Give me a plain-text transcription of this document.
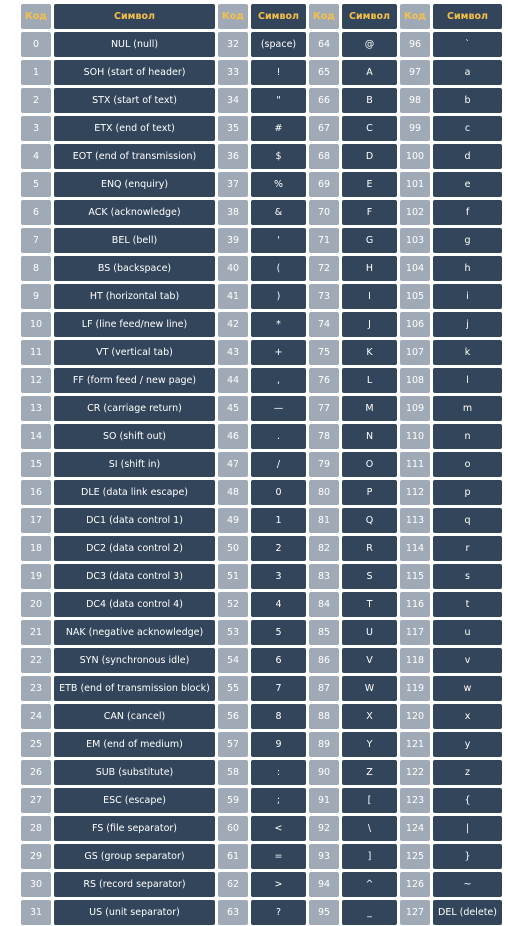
Код	Символ	Код	Символ	Код	Символ	Код	Символ
0	NUL (null)	32	(space)	64	@	96	`
1	SOH (start of header)	33	!	65	A	97	a
2	STX (start of text)	34	"	66	B	98	b
3	ETX (end of text)	35	#	67	C	99	c
4	EOT (end of transmission)	36	$	68	D	100	d
5	ENQ (enquiry)	37	%	69	E	101	e
6	ACK (acknowledge)	38	&	70	F	102	f
7	BEL (bell)	39	'	71	G	103	g
8	BS (backspace)	40	(	72	H	104	h
9	HT (horizontal tab)	41	)	73	I	105	i
10	LF (line feed/new line)	42	*	74	J	106	j
11	VT (vertical tab)	43	+	75	K	107	k
12	FF (form feed / new page)	44	,	76	L	108	l
13	CR (carriage return)	45	—	77	M	109	m
14	SO (shift out)	46	.	78	N	110	n
15	SI (shift in)	47	/	79	O	111	o
16	DLE (data link escape)	48	0	80	P	112	p
17	DC1 (data control 1)	49	1	81	Q	113	q
18	DC2 (data control 2)	50	2	82	R	114	r
19	DC3 (data control 3)	51	3	83	S	115	s
20	DC4 (data control 4)	52	4	84	T	116	t
21	NAK (negative acknowledge)	53	5	85	U	117	u
22	SYN (synchronous idle)	54	6	86	V	118	v
23	ETB (end of transmission block)	55	7	87	W	119	w
24	CAN (cancel)	56	8	88	X	120	x
25	EM (end of medium)	57	9	89	Y	121	y
26	SUB (substitute)	58	:	90	Z	122	z
27	ESC (escape)	59	;	91	[	123	{
28	FS (file separator)	60	<	92	\	124	|
29	GS (group separator)	61	=	93	]	125	}
30	RS (record separator)	62	>	94	^	126	~
31	US (unit separator)	63	?	95	_	127	DEL (delete)
